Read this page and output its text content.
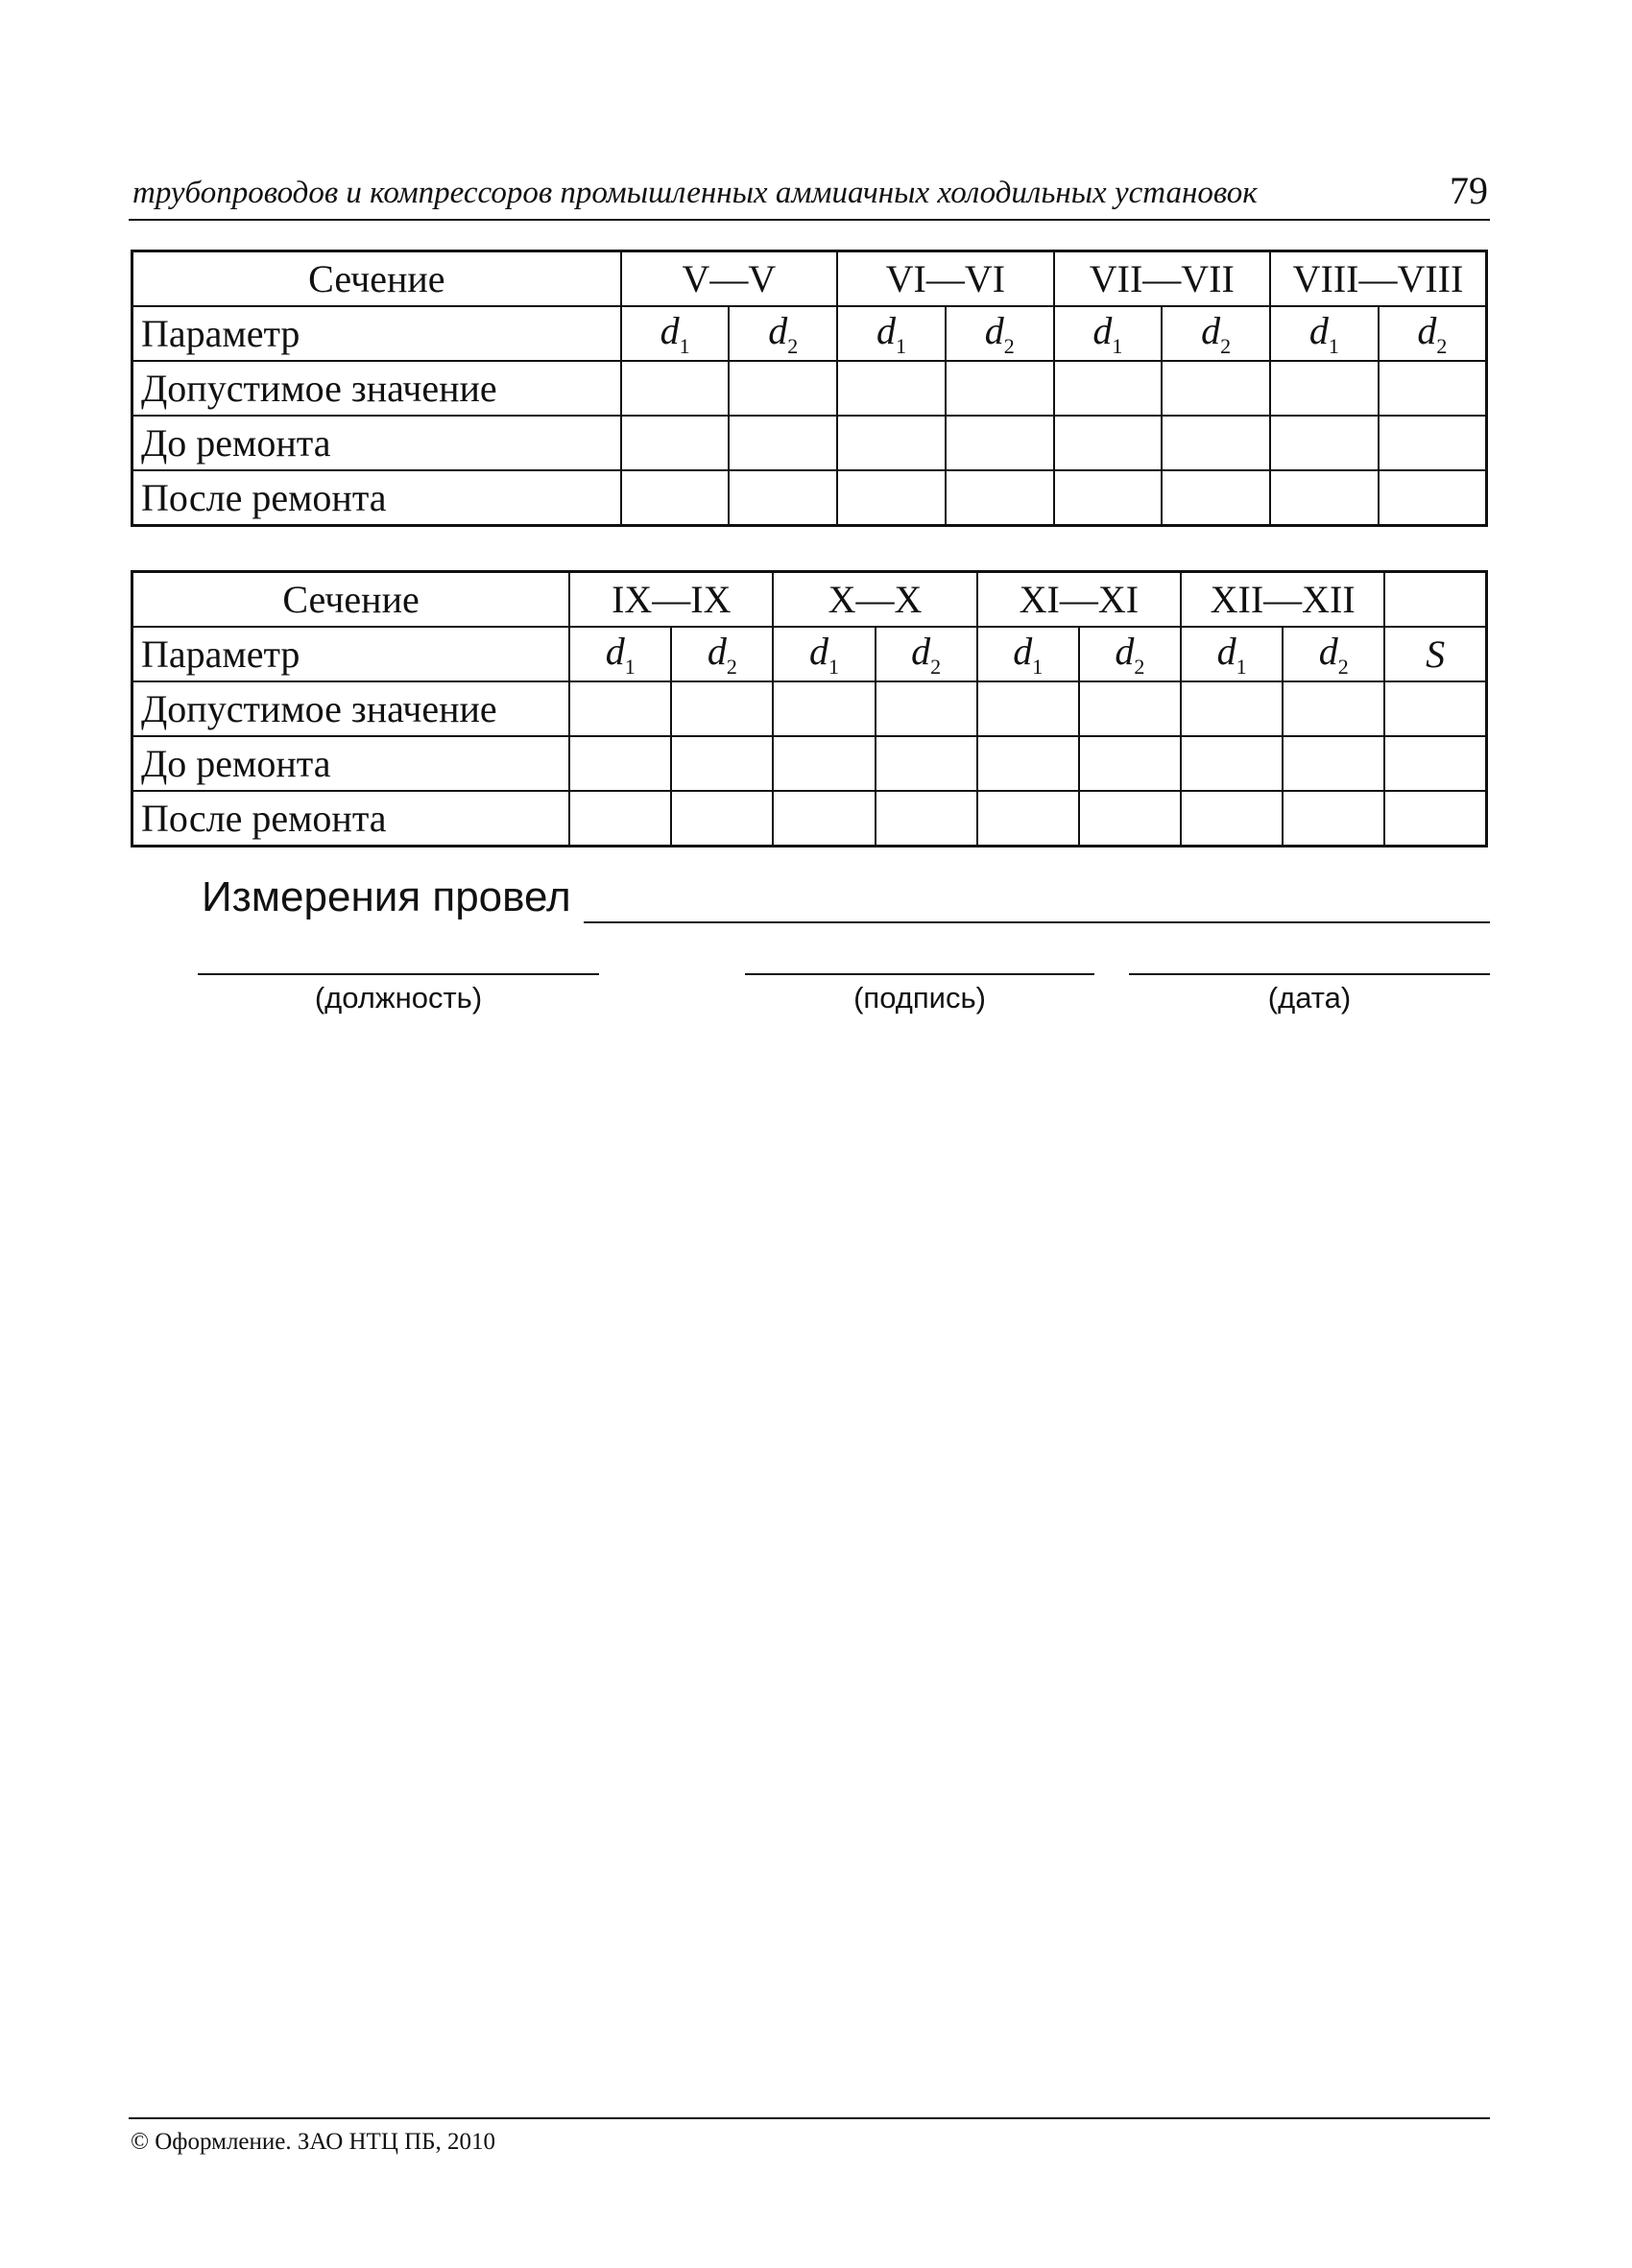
трубопроводов и компрессоров промышленных аммиачных холодильных установок	79
Сечение	V—V		VI—VI		VII—VII		VIII—VIII	
Параметр	$d_1$	$d_2$	$d_1$	$d_2$	$d_1$	$d_2$	$d_1$	$d_2$
Допустимое значение								
До ремонта								
После ремонта								
Сечение	IX—IX		X—X		XI—XI		XII—XII		
Параметр	$d_1$	$d_2$	$d_1$	$d_2$	$d_1$	$d_2$	$d_1$	$d_2$	S
Допустимое значение									
До ремонта									
После ремонта									
Измерения провел
(должность)	(подпись)	(дата)
© Оформление. ЗАО НТЦ ПБ, 2010
